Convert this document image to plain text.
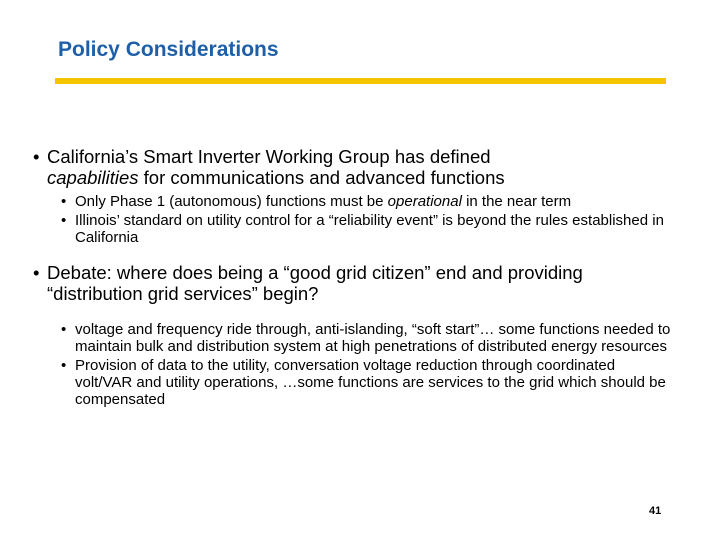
Policy Considerations
• California’s Smart Inverter Working Group has defined
capabilities for communications and advanced functions
• Only Phase 1 (autonomous) functions must be operational in the near term
• Illinois’ standard on utility control for a “reliability event” is beyond the rules established in California
• Debate: where does being a “good grid citizen” end and providing “distribution grid services” begin?
• voltage and frequency ride through, anti-islanding, “soft start”… some functions needed to maintain bulk and distribution system at high penetrations of distributed energy resources
• Provision of data to the utility, conversation voltage reduction through coordinated volt/VAR and utility operations, …some functions are services to the grid which should be compensated
41
